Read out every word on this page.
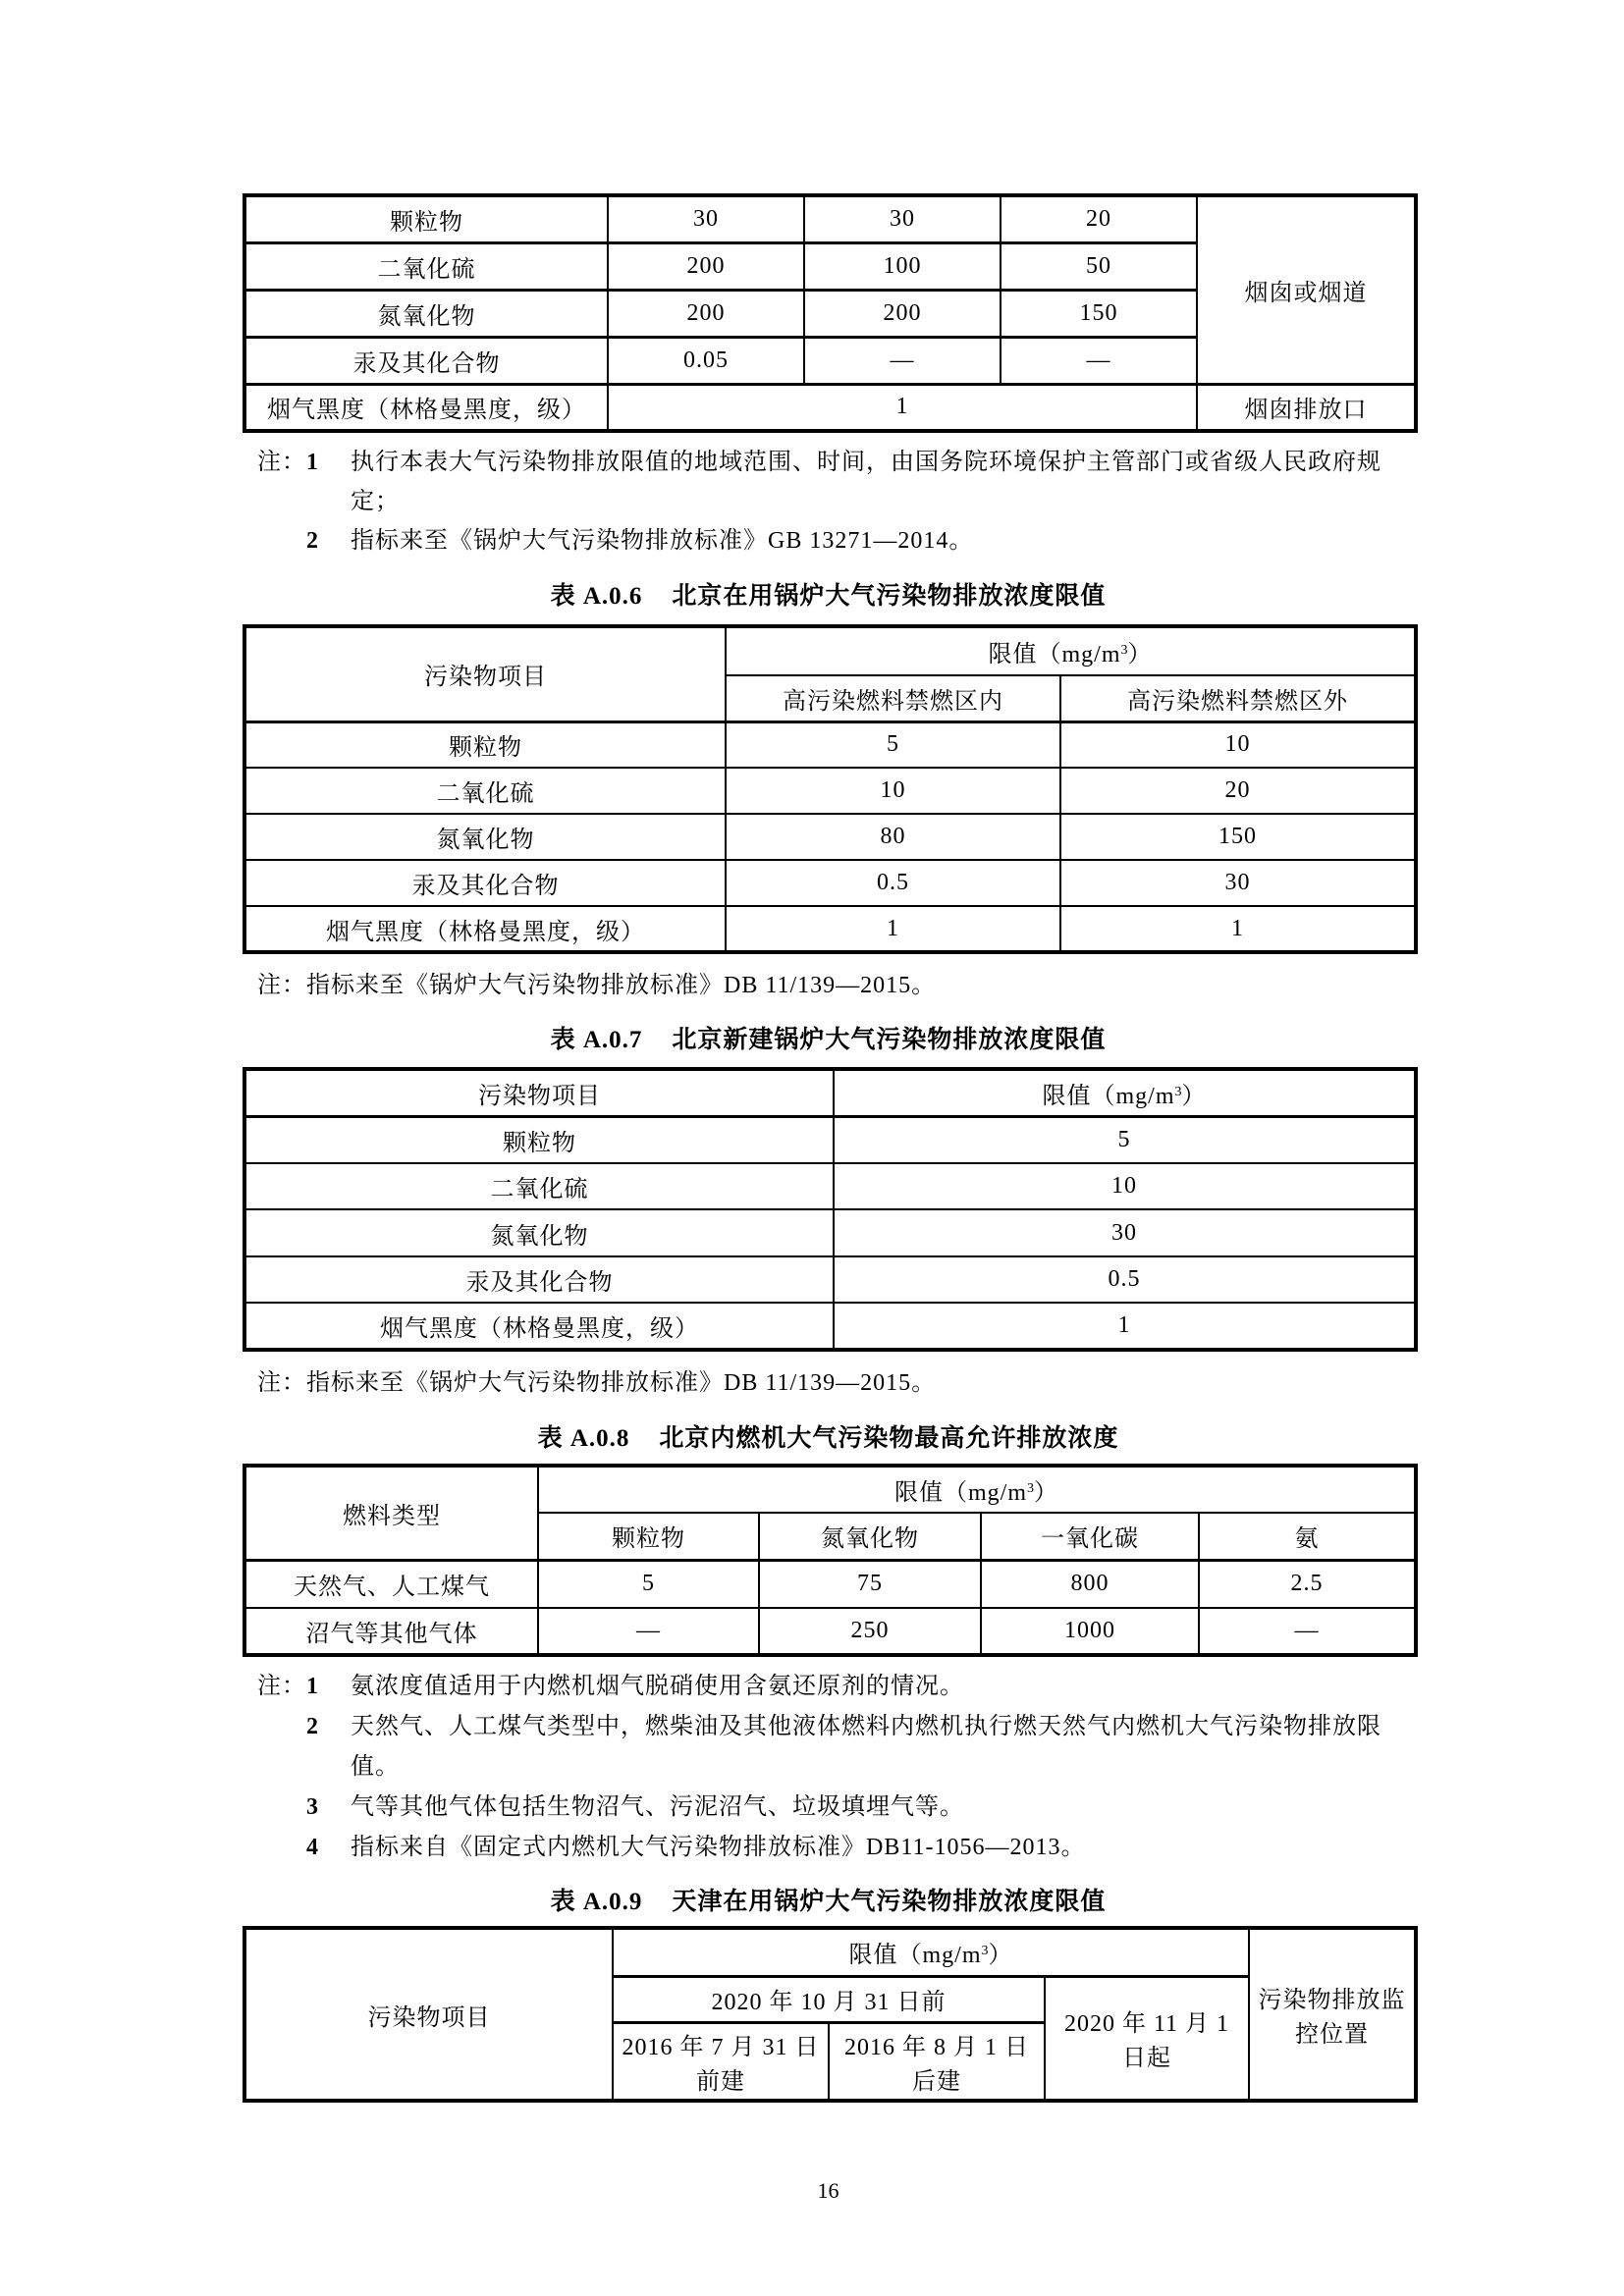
颗粒物	30	30	20	烟囱或烟道
二氧化硫	200	100	50	
氮氧化物	200	200	150	
汞及其化合物	0.05	—	—	
烟气黑度（林格曼黑度，级）	1			烟囱排放口
注： 1	执行本表大气污染物排放限值的地域范围、时间，由国务院环境保护主管部门或省级人民政府规定；
2	指标来至《锅炉大气污染物排放标准》GB 13271—2014。
表 A.0.6 北京在用锅炉大气污染物排放浓度限值
污染物项目	限值$(mg/m^3)$	
	高污染燃料禁燃区内	高污染燃料禁燃区外
颗粒物	5	10
二氧化硫	10	20
氮氧化物	80	150
汞及其化合物	0.5	30
烟气黑度（林格曼黑度，级）	1	1
注： 指标来至《锅炉大气污染物排放标准》DB 11/139—2015。
表 A.0.7 北京新建锅炉大气污染物排放浓度限值
污染物项目	限值$(mg/m^3)$
颗粒物	5
二氧化硫	10
氮氧化物	30
汞及其化合物	0.5
烟气黑度（林格曼黑度，级）	1
注： 指标来至《锅炉大气污染物排放标准》DB 11/139—2015。
表 A.0.8 北京内燃机大气污染物最高允许排放浓度
燃料类型	限值$(mg/m^3)$			
	颗粒物	氮氧化物	一氧化碳	氨
天然气、人工煤气	5	75	800	2.5
沼气等其他气体	—	250	1000	—
注： 1	氨浓度值适用于内燃机烟气脱硝使用含氨还原剂的情况。
2	天然气、人工煤气类型中，燃柴油及其他液体燃料内燃机执行燃天然气内燃机大气污染物排放限值。
3	气等其他气体包括生物沼气、污泥沼气、垃圾填埋气等。
4	指标来自《固定式内燃机大气污染物排放标准》DB11-1056—2013。
表 A.0.9 天津在用锅炉大气污染物排放浓度限值
污染物项目	限值$(mg/m^3)$			污染物排放监控位置
	2020 年 10 月 31 日前		2020 年 11 月 1 日起	
	2016 年 7 月 31 日前建	2016 年 8 月 1 日后建		
16
